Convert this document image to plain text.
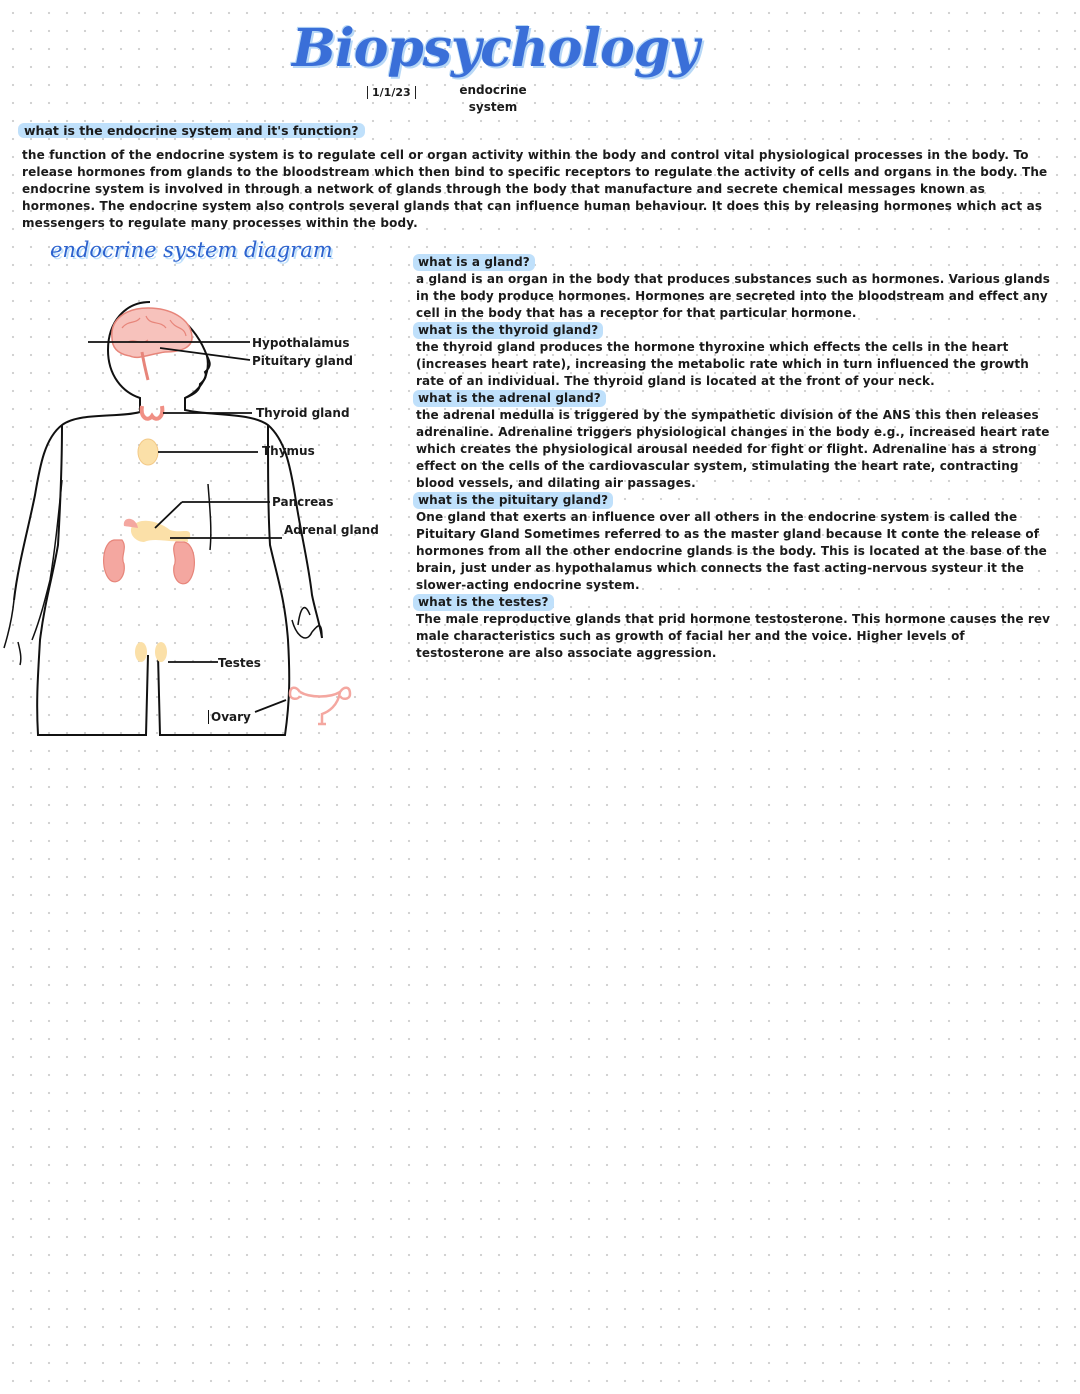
Biopsychology
1/1/23	endocrine
system
what is the endocrine system and it's function?

the function of the endocrine system is to regulate cell or organ activity within the body and control vital physiological processes in the body. To release hormones from glands to the bloodstream which then bind to specific receptors to regulate the activity of cells and organs in the body. The endocrine system is involved in through a network of glands through the body that manufacture and secrete chemical messages known as hormones. The endocrine system also controls several glands that can influence human behaviour. It does this by releasing hormones which act as messengers to regulate many processes within the body.

endocrine system diagram
Hypothalamus
Pituitary gland
Thyroid gland
Thymus
Pancreas
Adrenal gland
Testes
Ovary

what is a gland?

a gland is an organ in the body that produces substances such as hormones. Various glands in the body produce hormones. Hormones are secreted into the bloodstream and effect any cell in the body that has a receptor for that particular hormone.

what is the thyroid gland?

the thyroid gland produces the hormone thyroxine which effects the cells in the heart (increases heart rate), increasing the metabolic rate which in turn influenced the growth rate of an individual. The thyroid gland is located at the front of your neck.

what is the adrenal gland?

the adrenal medulla is triggered by the sympathetic division of the ANS this then releases adrenaline. Adrenaline triggers physiological changes in the body e.g., increased heart rate which creates the physiological arousal needed for fight or flight. Adrenaline has a strong effect on the cells of the cardiovascular system, stimulating the heart rate, contracting blood vessels, and dilating air passages.

what is the pituitary gland?

One gland that exerts an influence over all others in the endocrine system is called the Pituitary Gland Sometimes referred to as the master gland because It conte the release of hormones from all the other endocrine glands is the body. This is located at the base of the brain, just under as hypothalamus which connects the fast acting-nervous systeur it the slower-acting endocrine system.

what is the testes?

The male reproductive glands that prid hormone testosterone. This hormone causes the rev male characteristics such as growth of facial her and the voice. Higher levels of testosterone are also associate aggression.
